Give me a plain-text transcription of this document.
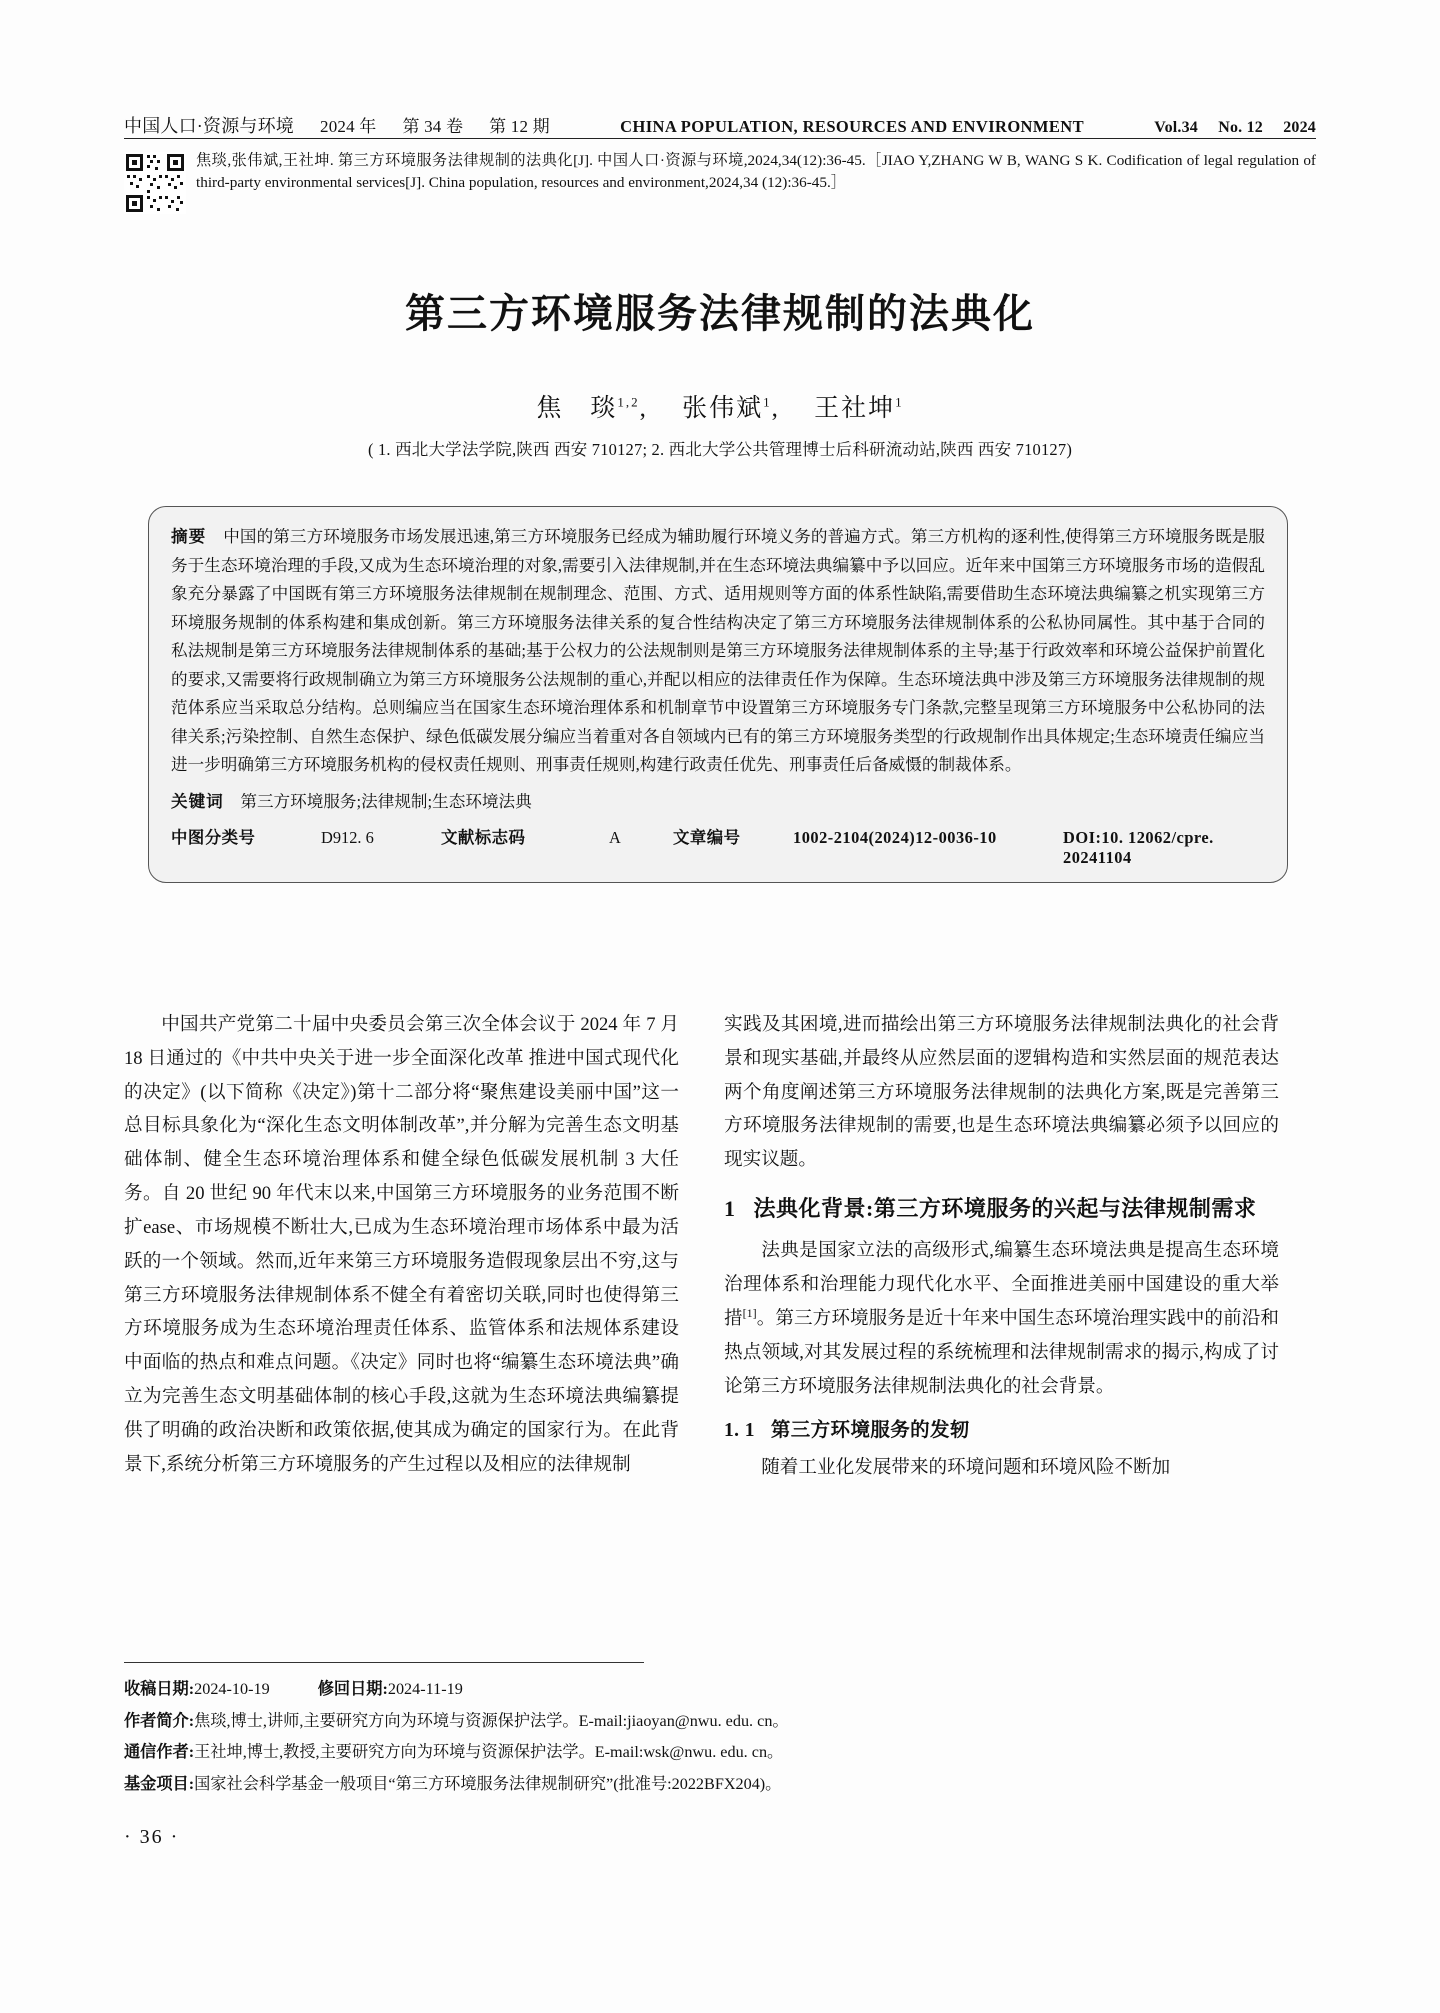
中国人口·资源与环境 2024 年 第 34 卷 第 12 期	CHINA POPULATION, RESOURCES AND ENVIRONMENT	Vol.34 No. 12 2024
焦琰,张伟斌,王社坤. 第三方环境服务法律规制的法典化[J]. 中国人口·资源与环境,2024,34(12):36-45.［JIAO Y,ZHANG W B, WANG S K. Codification of legal regulation of third-party environmental services[J]. China population, resources and environment,2024,34 (12):36-45.］
第三方环境服务法律规制的法典化
焦　琰$^{1,2}$, 张伟斌$^1$, 王社坤$^1$
( 1. 西北大学法学院,陕西 西安 710127; 2. 西北大学公共管理博士后科研流动站,陕西 西安 710127)
摘要 中国的第三方环境服务市场发展迅速,第三方环境服务已经成为辅助履行环境义务的普遍方式。第三方机构的逐利性,使得第三方环境服务既是服务于生态环境治理的手段,又成为生态环境治理的对象,需要引入法律规制,并在生态环境法典编纂中予以回应。近年来中国第三方环境服务市场的造假乱象充分暴露了中国既有第三方环境服务法律规制在规制理念、范围、方式、适用规则等方面的体系性缺陷,需要借助生态环境法典编纂之机实现第三方环境服务规制的体系构建和集成创新。第三方环境服务法律关系的复合性结构决定了第三方环境服务法律规制体系的公私协同属性。其中基于合同的私法规制是第三方环境服务法律规制体系的基础;基于公权力的公法规制则是第三方环境服务法律规制体系的主导;基于行政效率和环境公益保护前置化的要求,又需要将行政规制确立为第三方环境服务公法规制的重心,并配以相应的法律责任作为保障。生态环境法典中涉及第三方环境服务法律规制的规范体系应当采取总分结构。总则编应当在国家生态环境治理体系和机制章节中设置第三方环境服务专门条款,完整呈现第三方环境服务中公私协同的法律关系;污染控制、自然生态保护、绿色低碳发展分编应当着重对各自领域内已有的第三方环境服务类型的行政规制作出具体规定;生态环境责任编应当进一步明确第三方环境服务机构的侵权责任规则、刑事责任规则,构建行政责任优先、刑事责任后备威慑的制裁体系。
关键词 第三方环境服务;法律规制;生态环境法典
中图分类号	D912. 6	文献标志码	A	文章编号	1002-2104(2024)12-0036-10	DOI:10. 12062/cpre. 20241104

中国共产党第二十届中央委员会第三次全体会议于 2024 年 7 月 18 日通过的《中共中央关于进一步全面深化改革 推进中国式现代化的决定》(以下简称《决定》)第十二部分将“聚焦建设美丽中国”这一总目标具象化为“深化生态文明体制改革”,并分解为完善生态文明基础体制、健全生态环境治理体系和健全绿色低碳发展机制 3 大任务。自 20 世纪 90 年代末以来,中国第三方环境服务的业务范围不断扩ease、市场规模不断壮大,已成为生态环境治理市场体系中最为活跃的一个领域。然而,近年来第三方环境服务造假现象层出不穷,这与第三方环境服务法律规制体系不健全有着密切关联,同时也使得第三方环境服务成为生态环境治理责任体系、监管体系和法规体系建设中面临的热点和难点问题。《决定》同时也将“编纂生态环境法典”确立为完善生态文明基础体制的核心手段,这就为生态环境法典编纂提供了明确的政治决断和政策依据,使其成为确定的国家行为。在此背景下,系统分析第三方环境服务的产生过程以及相应的法律规制

实践及其困境,进而描绘出第三方环境服务法律规制法典化的社会背景和现实基础,并最终从应然层面的逻辑构造和实然层面的规范表达两个角度阐述第三方环境服务法律规制的法典化方案,既是完善第三方环境服务法律规制的需要,也是生态环境法典编纂必须予以回应的现实议题。

1 法典化背景:第三方环境服务的兴起与法律规制需求

法典是国家立法的高级形式,编纂生态环境法典是提高生态环境治理体系和治理能力现代化水平、全面推进美丽中国建设的重大举措[1]。第三方环境服务是近十年来中国生态环境治理实践中的前沿和热点领域,对其发展过程的系统梳理和法律规制需求的揭示,构成了讨论第三方环境服务法律规制法典化的社会背景。

1. 1 第三方环境服务的发轫

随着工业化发展带来的环境问题和环境风险不断加

收稿日期:2024-10-19	修回日期:2024-11-19
作者简介:焦琰,博士,讲师,主要研究方向为环境与资源保护法学。E-mail:jiaoyan@nwu. edu. cn。
通信作者:王社坤,博士,教授,主要研究方向为环境与资源保护法学。E-mail:wsk@nwu. edu. cn。
基金项目:国家社会科学基金一般项目“第三方环境服务法律规制研究”(批准号:2022BFX204)。
· 36 ·
